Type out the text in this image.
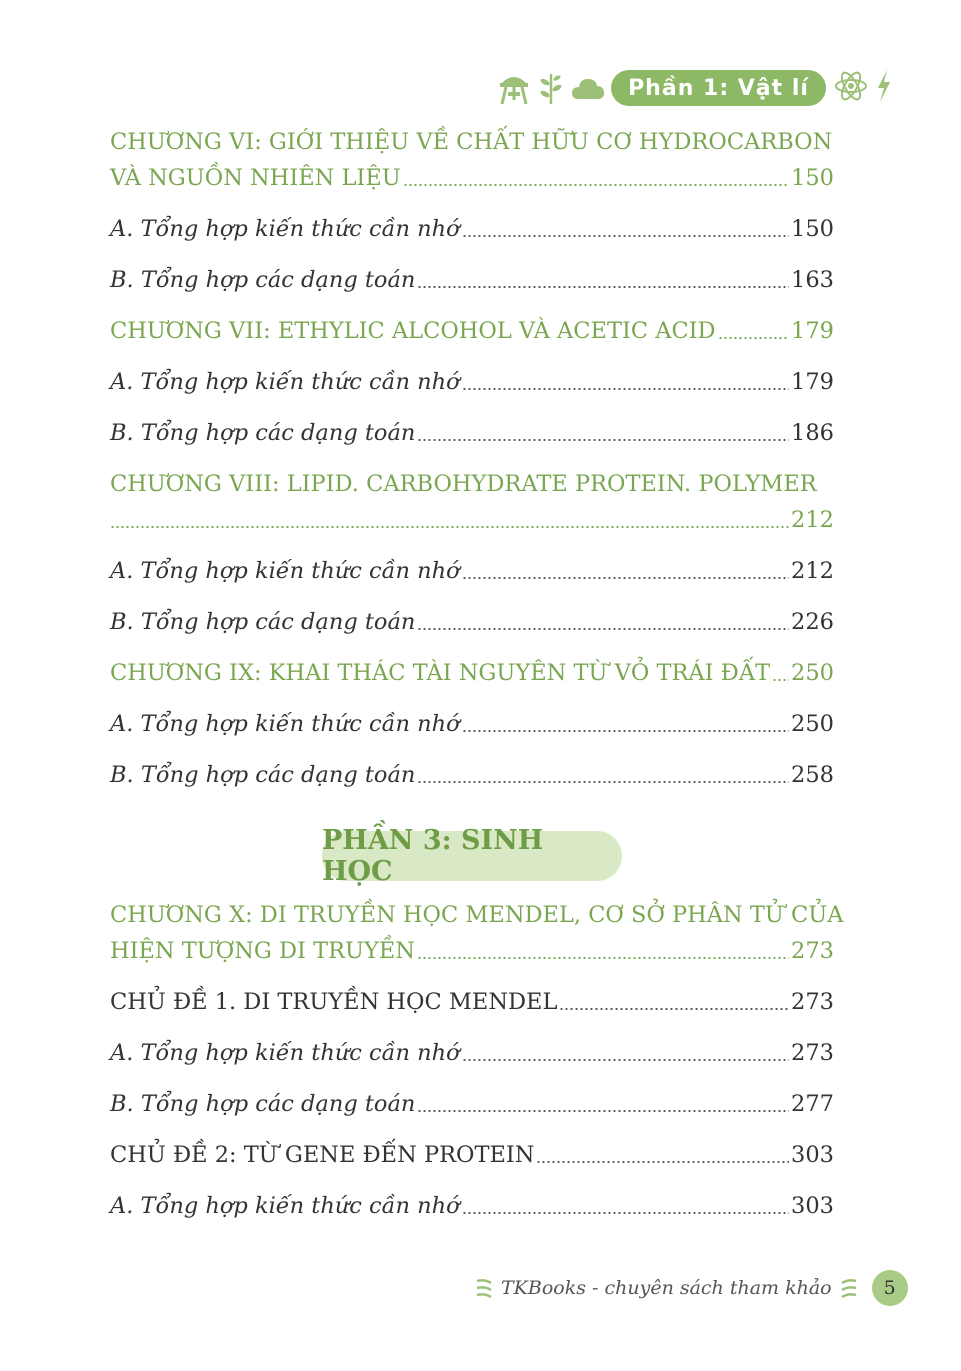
Phần 1: Vật lí
CHƯƠNG VI: GIỚI THIỆU VỀ CHẤT HỮU CƠ HYDROCARBON
VÀ NGUỒN NHIÊN LIỆU	150
A. Tổng hợp kiến thức cần nhớ	150
B. Tổng hợp các dạng toán	163
CHƯƠNG VII: ETHYLIC ALCOHOL VÀ ACETIC ACID	179
A. Tổng hợp kiến thức cần nhớ	179
B. Tổng hợp các dạng toán	186
CHƯƠNG VIII: LIPID. CARBOHYDRATE PROTEIN. POLYMER
212
A. Tổng hợp kiến thức cần nhớ	212
B. Tổng hợp các dạng toán	226
CHƯƠNG IX: KHAI THÁC TÀI NGUYÊN TỪ VỎ TRÁI ĐẤT 250
A. Tổng hợp kiến thức cần nhớ	250
B. Tổng hợp các dạng toán	258
PHẦN 3: SINH HỌC
CHƯƠNG X: DI TRUYỀN HỌC MENDEL, CƠ SỞ PHÂN TỬ CỦA
HIỆN TƯỢNG DI TRUYỀN	273
CHỦ ĐỀ 1. DI TRUYỀN HỌC MENDEL	273
A. Tổng hợp kiến thức cần nhớ	273
B. Tổng hợp các dạng toán	277
CHỦ ĐỀ 2: TỪ GENE ĐẾN PROTEIN	303
A. Tổng hợp kiến thức cần nhớ	303
TKBooks - chuyên sách tham khảo	5
